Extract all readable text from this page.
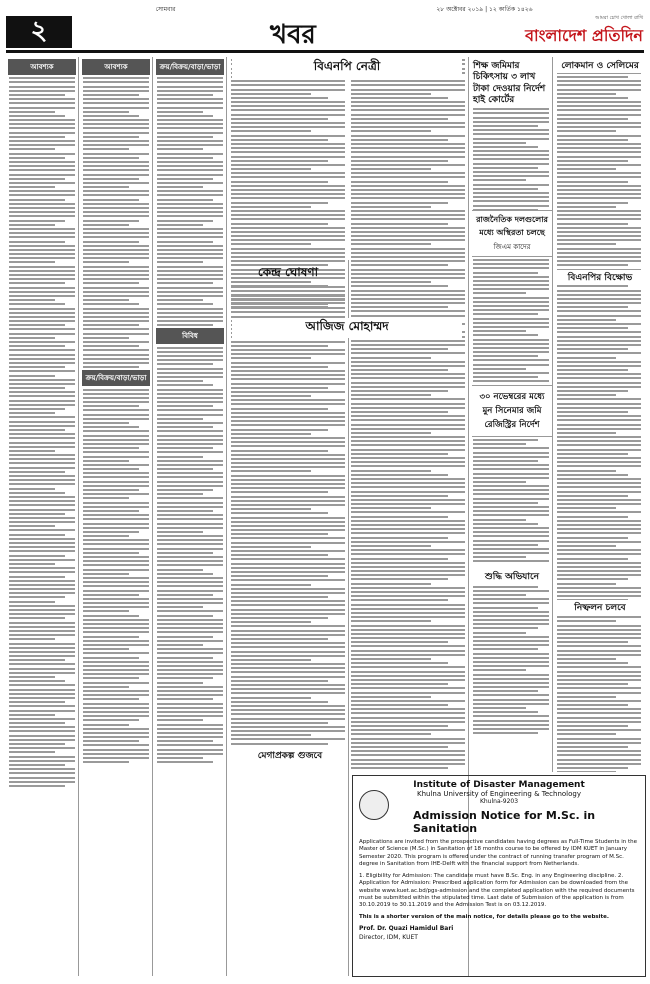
সোমবার	২৮ অক্টোবর ২০১৯ | ১২ কার্তিক ১৪২৬
২	খবর
আমরা চোখ খোলা রাখি
বাংলাদেশ প্রতিদিন
আবশ্যক	আবশ্যক
ক্রয়/বিক্রয়/বাড়া/ভাড়া
ক্রয়/বিক্রয়/বাড়া/ভাড়া
বিবিধ
কেন্দ্র ঘোষণা
বিএনপি নেত্রী
আজিজ মোহাম্মদ
মেগাপ্রকল্প গুজবে
শিক্ষ জমিমার চিকিৎসায় ৩ লাখ টাকা দেওয়ার নির্দেশ হাই কোর্টের
রাজনৈতিক দলগুলোর মধ্যে অস্থিরতা চলছে
জিএম কাদের
৩০ নভেম্বরের মধ্যে মুন সিনেমার জমি রেজিস্ট্রির নির্দেশ
শুদ্ধি অভিযানে
লোকমান ও সেলিমের
বিএনপির বিক্ষোভ
নিষ্ফলন চলবে
Institute of Disaster Management
Khulna University of Engineering & Technology
Khulna-9203
Admission Notice for M.Sc. in Sanitation
Applications are invited from the prospective candidates having degrees as Full-Time Students in the Master of Science (M.Sc.) in Sanitation of 18 months course to be offered by IDM KUET in January Semester 2020. This program is offered under the contract of running transfer program of M.Sc. degree in Sanitation from IHE-Delft with the financial support from Netherlands.
1. Eligibility for Admission: The candidate must have B.Sc. Eng. in any Engineering discipline. 2. Application for Admission: Prescribed application form for Admission can be downloaded from the website www.kuet.ac.bd/pgs-admission and the completed application with the required documents must be submitted within the stipulated time. Last date of Submission of the application is from 30.10.2019 to 30.11.2019 and the Admission Test is on 03.12.2019.
This is a shorter version of the main notice, for details please go to the website.
Prof. Dr. Quazi Hamidul Bari
Director, IDM, KUET
